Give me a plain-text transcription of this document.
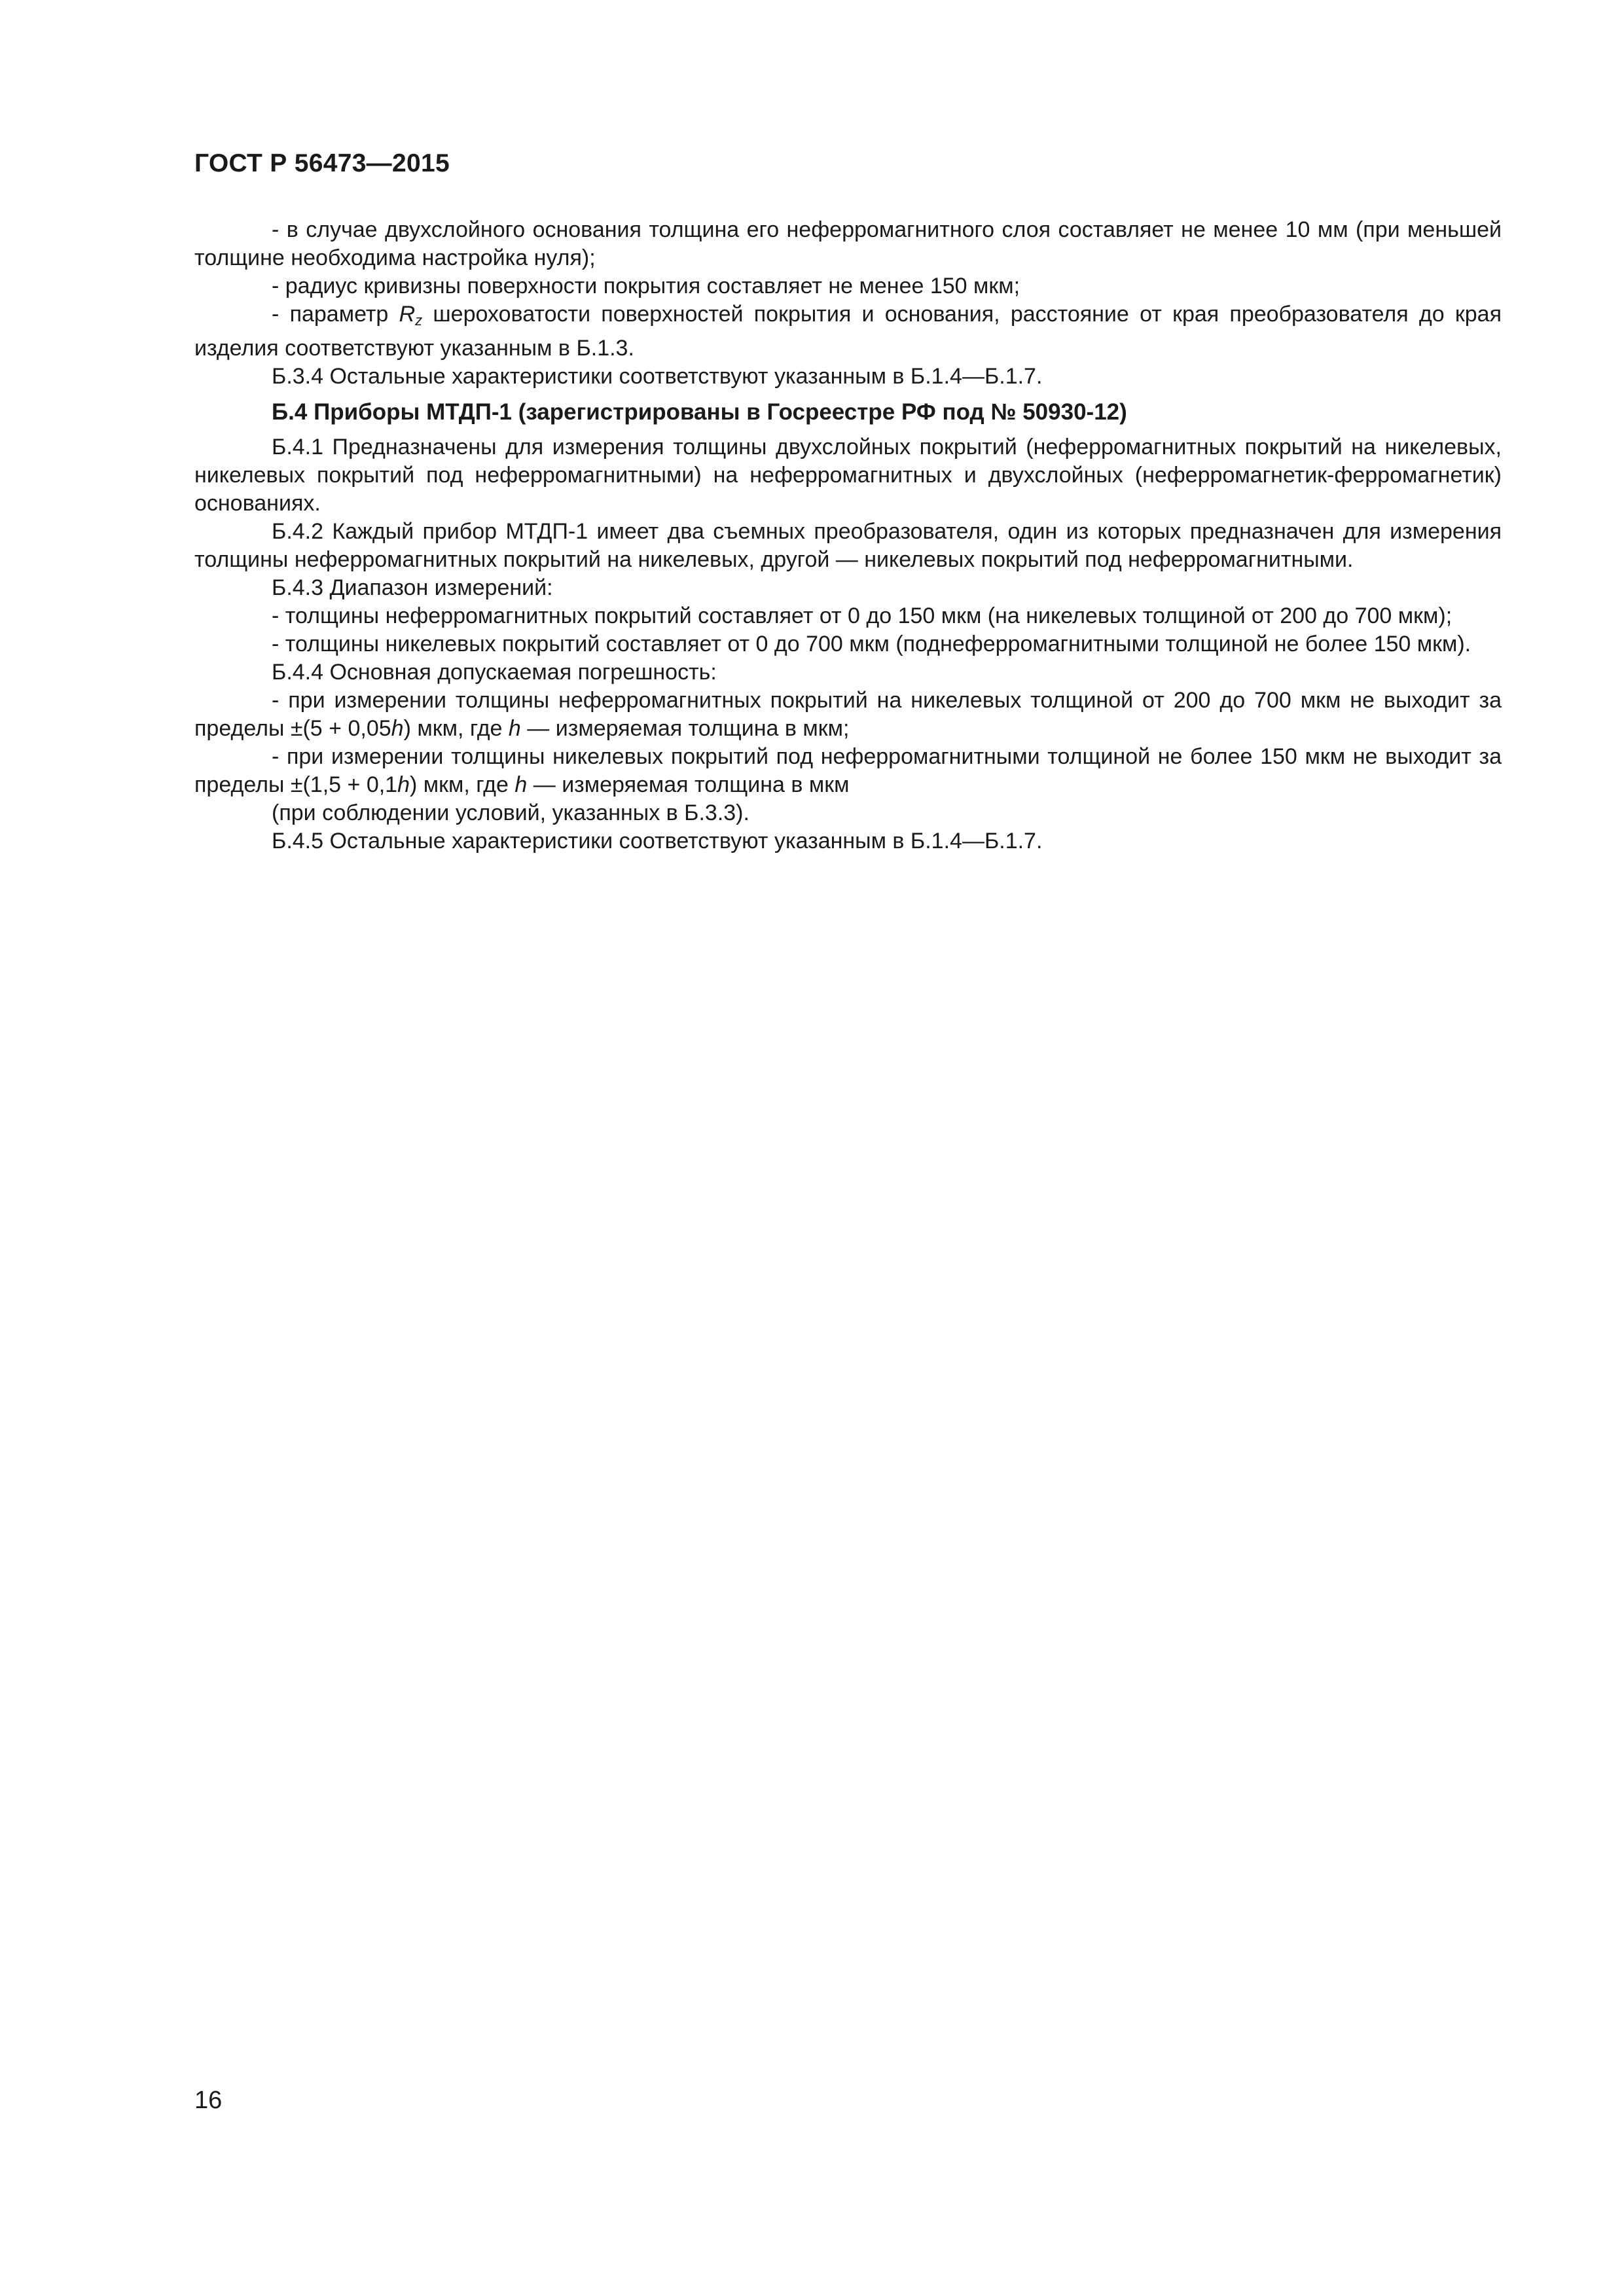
ГОСТ Р 56473—2015

- в случае двухслойного основания толщина его неферромагнитного слоя составляет не менее 10 мм (при меньшей толщине необходима настройка нуля);

- радиус кривизны поверхности покрытия составляет не менее 150 мкм;

- параметр $R_z$ шероховатости поверхностей покрытия и основания, расстояние от края преобразователя до края изделия соответствуют указанным в Б.1.3.

Б.3.4 Остальные характеристики соответствуют указанным в Б.1.4—Б.1.7.

Б.4 Приборы МТДП-1 (зарегистрированы в Госреестре РФ под № 50930-12)

Б.4.1 Предназначены для измерения толщины двухслойных покрытий (неферромагнитных покрытий на никелевых, никелевых покрытий под неферромагнитными) на неферромагнитных и двухслойных (неферромагнетик-ферромагнетик) основаниях.

Б.4.2 Каждый прибор МТДП-1 имеет два съемных преобразователя, один из которых предназначен для измерения толщины неферромагнитных покрытий на никелевых, другой — никелевых покрытий под неферромагнитными.

Б.4.3 Диапазон измерений:

- толщины неферромагнитных покрытий составляет от 0 до 150 мкм (на никелевых толщиной от 200 до 700 мкм);

- толщины никелевых покрытий составляет от 0 до 700 мкм (поднеферромагнитными толщиной не более 150 мкм).

Б.4.4 Основная допускаемая погрешность:

- при измерении толщины неферромагнитных покрытий на никелевых толщиной от 200 до 700 мкм не выходит за пределы ±(5 + 0,05h) мкм, где h — измеряемая толщина в мкм;

- при измерении толщины никелевых покрытий под неферромагнитными толщиной не более 150 мкм не выходит за пределы ±(1,5 + 0,1h) мкм, где h — измеряемая толщина в мкм

(при соблюдении условий, указанных в Б.3.3).

Б.4.5 Остальные характеристики соответствуют указанным в Б.1.4—Б.1.7.

16
